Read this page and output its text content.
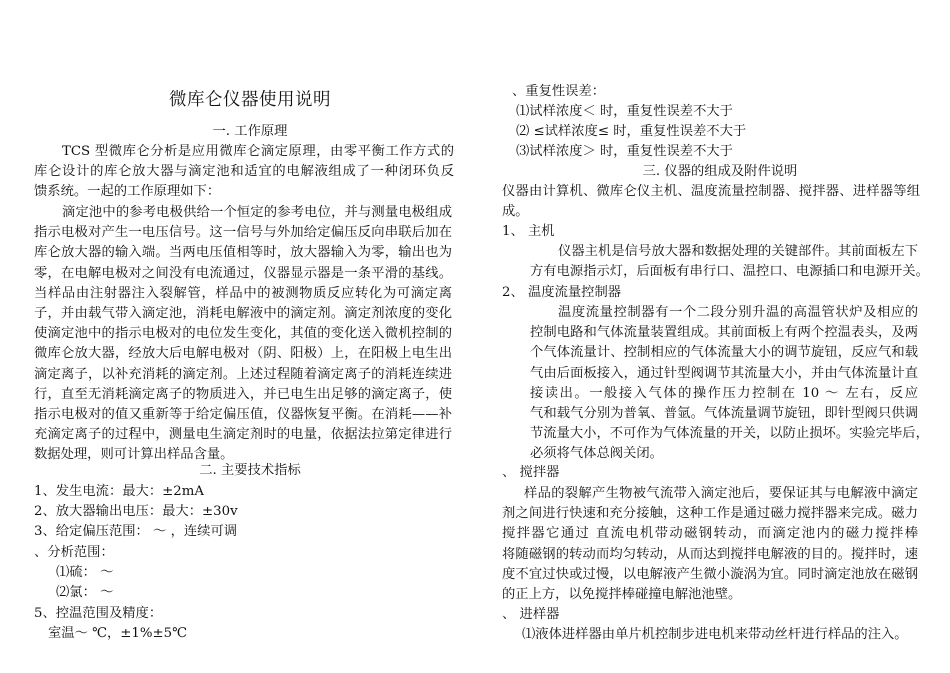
微库仑仪器使用说明
一. 工作原理
TCS 型微库仑分析是应用微库仑滴定原理，由零平衡工作方式的
库仑设计的库仑放大器与滴定池和适宜的电解液组成了一种闭环负反
馈系统。一起的工作原理如下：
滴定池中的参考电极供给一个恒定的参考电位，并与测量电极组成
指示电极对产生一电压信号。这一信号与外加给定偏压反向串联后加在
库仑放大器的输入端。当两电压值相等时，放大器输入为零，输出也为
零，在电解电极对之间没有电流通过，仪器显示器是一条平滑的基线。
当样品由注射器注入裂解管，样品中的被测物质反应转化为可滴定离
子，并由载气带入滴定池，消耗电解液中的滴定剂。滴定剂浓度的变化
使滴定池中的指示电极对的电位发生变化，其值的变化送入微机控制的
微库仑放大器，经放大后电解电极对（阴、阳极）上，在阳极上电生出
滴定离子，以补充消耗的滴定剂。上述过程随着滴定离子的消耗连续进
行，直至无消耗滴定离子的物质进入，并已电生出足够的滴定离子，使
指示电极对的值又重新等于给定偏压值，仪器恢复平衡。在消耗——补
充滴定离子的过程中，测量电生滴定剂时的电量，依据法拉第定律进行
数据处理，则可计算出样品含量。
二. 主要技术指标
1、发生电流：最大：±2mA
2、放大器输出电压：最大：±30v
3、给定偏压范围： ～ ，连续可调
、分析范围：
⑴硫： ～
⑵氯： ～
5、控温范围及精度：
室温～ ℃，±1%±5℃
、重复性误差：
⑴试样浓度＜ 时，重复性误差不大于
⑵ ≤试样浓度≤ 时，重复性误差不大于
⑶试样浓度＞ 时，重复性误差不大于
三. 仪器的组成及附件说明
仪器由计算机、微库仑仪主机、温度流量控制器、搅拌器、进样器等组
成。
1、 主机
仪器主机是信号放大器和数据处理的关键部件。其前面板左下
方有电源指示灯，后面板有串行口、温控口、电源插口和电源开关。
2、 温度流量控制器
温度流量控制器有一个二段分别升温的高温管状炉及相应的
控制电路和气体流量装置组成。其前面板上有两个控温表头，及两
个气体流量计、控制相应的气体流量大小的调节旋钮，反应气和载
气由后面板接入，通过针型阀调节其流量大小，并由气体流量计直
接读出。一般接入气体的操作压力控制在 10 ～ 左右，反应
气和载气分别为普氧、普氩。气体流量调节旋钮，即针型阀只供调
节流量大小，不可作为气体流量的开关，以防止损坏。实验完毕后，
必须将气体总阀关闭。
、 搅拌器
样品的裂解产生物被气流带入滴定池后，要保证其与电解液中滴定
剂之间进行快速和充分接触，这种工作是通过磁力搅拌器来完成。磁力
搅拌器它通过 直流电机带动磁钢转动，而滴定池内的磁力搅拌棒
将随磁钢的转动而均匀转动，从而达到搅拌电解液的目的。搅拌时，速
度不宜过快或过慢，以电解液产生微小漩涡为宜。同时滴定池放在磁钢
的正上方，以免搅拌棒碰撞电解池池壁。
、 进样器
⑴液体进样器由单片机控制步进电机来带动丝杆进行样品的注入。
